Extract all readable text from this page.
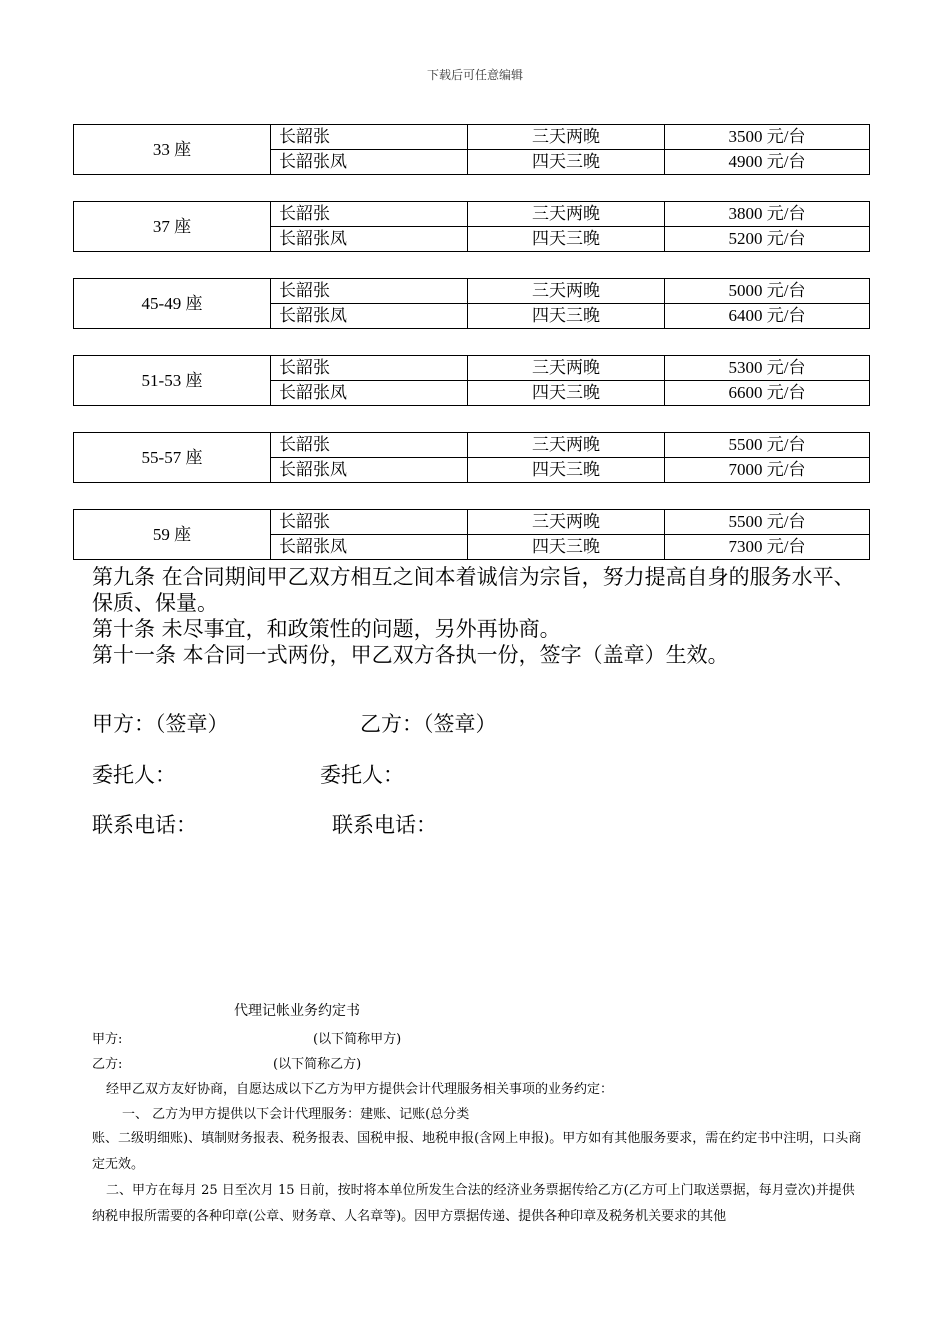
下载后可任意编辑
33 座	长韶张	三天两晚	3500 元/台
	长韶张凤	四天三晚	4900 元/台
37 座	长韶张	三天两晚	3800 元/台
	长韶张凤	四天三晚	5200 元/台
45-49 座	长韶张	三天两晚	5000 元/台
	长韶张凤	四天三晚	6400 元/台
51-53 座	长韶张	三天两晚	5300 元/台
	长韶张凤	四天三晚	6600 元/台
55-57 座	长韶张	三天两晚	5500 元/台
	长韶张凤	四天三晚	7000 元/台
59 座	长韶张	三天两晚	5500 元/台
	长韶张凤	四天三晚	7300 元/台

第九条 在合同期间甲乙双方相互之间本着诚信为宗旨，努力提高自身的服务水平、保质、保量。

第十条 未尽事宜，和政策性的问题，另外再协商。

第十一条 本合同一式两份，甲乙双方各执一份，签字（盖章）生效。

甲方：（签章）	乙方：（签章）
委托人：	委托人：
联系电话：	联系电话：
代理记帐业务约定书
甲方:	(以下简称甲方)
乙方:	(以下简称乙方)
经甲乙双方友好协商，自愿达成以下乙方为甲方提供会计代理服务相关事项的业务约定：
一、 乙方为甲方提供以下会计代理服务：建账、记账(总分类

账、二级明细账)、填制财务报表、税务报表、国税申报、地税申报(含网上申报)。甲方如有其他服务要求，需在约定书中注明，口头商定无效。

二、甲方在每月 25 日至次月 15 日前，按时将本单位所发生合法的经济业务票据传给乙方(乙方可上门取送票据，每月壹次)并提供纳税申报所需要的各种印章(公章、财务章、人名章等)。因甲方票据传递、提供各种印章及税务机关要求的其他
